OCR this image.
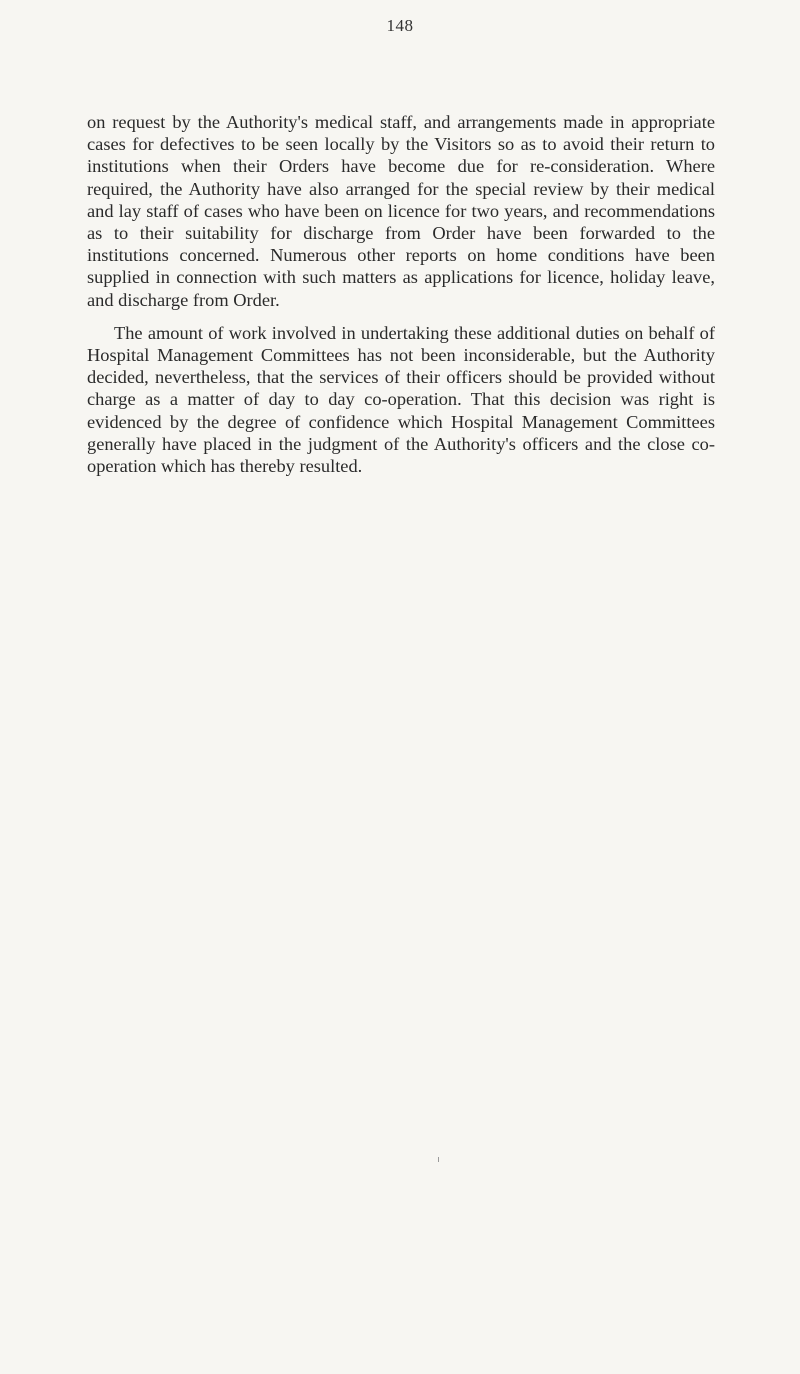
148

on request by the Authority's medical staff, and arrangements made in appropriate cases for defectives to be seen locally by the Visitors so as to avoid their return to institutions when their Orders have become due for re-consideration. Where required, the Authority have also arranged for the special review by their medical and lay staff of cases who have been on licence for two years, and recommendations as to their suitability for discharge from Order have been forwarded to the institutions concerned. Numerous other reports on home conditions have been supplied in connection with such matters as applications for licence, holiday leave, and discharge from Order.

The amount of work involved in undertaking these additional duties on behalf of Hospital Management Committees has not been inconsiderable, but the Authority decided, nevertheless, that the services of their officers should be provided without charge as a matter of day to day co-operation. That this decision was right is evidenced by the degree of confidence which Hospital Management Committees generally have placed in the judgment of the Authority's officers and the close co-operation which has thereby resulted.
